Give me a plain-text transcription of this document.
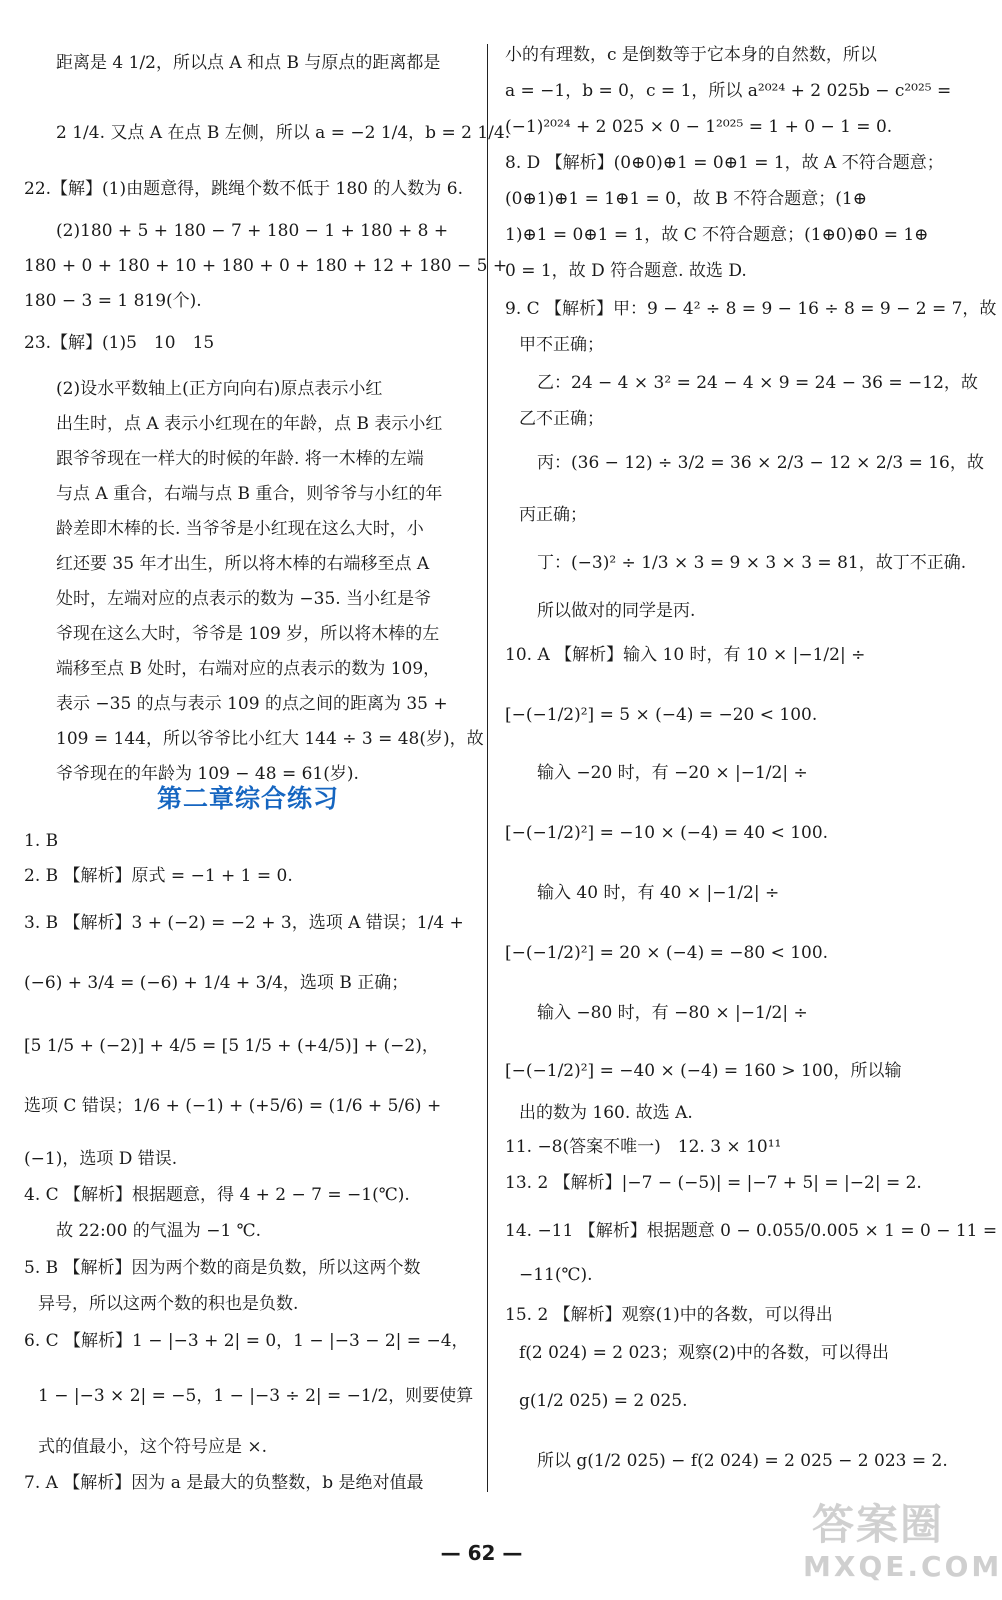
距离是 4 1/2，所以点 A 和点 B 与原点的距离都是
2 1/4. 又点 A 在点 B 左侧，所以 a = −2 1/4，b = 2 1/4.
22.【解】(1)由题意得，跳绳个数不低于 180 的人数为 6.
(2)180 + 5 + 180 − 7 + 180 − 1 + 180 + 8 +
180 + 0 + 180 + 10 + 180 + 0 + 180 + 12 + 180 − 5 +
180 − 3 = 1 819(个).
23.【解】(1)5　10　15
(2)设水平数轴上(正方向向右)原点表示小红
出生时，点 A 表示小红现在的年龄，点 B 表示小红
跟爷爷现在一样大的时候的年龄. 将一木棒的左端
与点 A 重合，右端与点 B 重合，则爷爷与小红的年
龄差即木棒的长. 当爷爷是小红现在这么大时，小
红还要 35 年才出生，所以将木棒的右端移至点 A
处时，左端对应的点表示的数为 −35. 当小红是爷
爷现在这么大时，爷爷是 109 岁，所以将木棒的左
端移至点 B 处时，右端对应的点表示的数为 109，
表示 −35 的点与表示 109 的点之间的距离为 35 +
109 = 144，所以爷爷比小红大 144 ÷ 3 = 48(岁)，故
爷爷现在的年龄为 109 − 48 = 61(岁).
第二章综合练习
1. B
2. B 【解析】原式 = −1 + 1 = 0.
3. B 【解析】3 + (−2) = −2 + 3，选项 A 错误；1/4 +
(−6) + 3/4 = (−6) + 1/4 + 3/4，选项 B 正确；
[5 1/5 + (−2)] + 4/5 = [5 1/5 + (+4/5)] + (−2)，
选项 C 错误；1/6 + (−1) + (+5/6) = (1/6 + 5/6) +
(−1)，选项 D 错误.
4. C 【解析】根据题意，得 4 + 2 − 7 = −1(℃).
故 22:00 的气温为 −1 ℃.
5. B 【解析】因为两个数的商是负数，所以这两个数
异号，所以这两个数的积也是负数.
6. C 【解析】1 − |−3 + 2| = 0，1 − |−3 − 2| = −4，
1 − |−3 × 2| = −5，1 − |−3 ÷ 2| = −1/2，则要使算
式的值最小，这个符号应是 ×.
7. A 【解析】因为 a 是最大的负整数，b 是绝对值最
小的有理数，c 是倒数等于它本身的自然数，所以
a = −1，b = 0，c = 1，所以 a²⁰²⁴ + 2 025b − c²⁰²⁵ =
(−1)²⁰²⁴ + 2 025 × 0 − 1²⁰²⁵ = 1 + 0 − 1 = 0.
8. D 【解析】(0⊕0)⊕1 = 0⊕1 = 1，故 A 不符合题意；
(0⊕1)⊕1 = 1⊕1 = 0，故 B 不符合题意；(1⊕
1)⊕1 = 0⊕1 = 1，故 C 不符合题意；(1⊕0)⊕0 = 1⊕
0 = 1，故 D 符合题意. 故选 D.
9. C 【解析】甲：9 − 4² ÷ 8 = 9 − 16 ÷ 8 = 9 − 2 = 7，故
甲不正确；
乙：24 − 4 × 3² = 24 − 4 × 9 = 24 − 36 = −12，故
乙不正确；
丙：(36 − 12) ÷ 3/2 = 36 × 2/3 − 12 × 2/3 = 16，故
丙正确；
丁：(−3)² ÷ 1/3 × 3 = 9 × 3 × 3 = 81，故丁不正确.
所以做对的同学是丙.
10. A 【解析】输入 10 时，有 10 × |−1/2| ÷
[−(−1/2)²] = 5 × (−4) = −20 < 100.
输入 −20 时，有 −20 × |−1/2| ÷
[−(−1/2)²] = −10 × (−4) = 40 < 100.
输入 40 时，有 40 × |−1/2| ÷
[−(−1/2)²] = 20 × (−4) = −80 < 100.
输入 −80 时，有 −80 × |−1/2| ÷
[−(−1/2)²] = −40 × (−4) = 160 > 100，所以输
出的数为 160. 故选 A.
11. −8(答案不唯一)　12. 3 × 10¹¹
13. 2 【解析】|−7 − (−5)| = |−7 + 5| = |−2| = 2.
14. −11 【解析】根据题意 0 − 0.055/0.005 × 1 = 0 − 11 =
−11(℃).
15. 2 【解析】观察(1)中的各数，可以得出
f(2 024) = 2 023；观察(2)中的各数，可以得出
g(1/2 025) = 2 025.
所以 g(1/2 025) − f(2 024) = 2 025 − 2 023 = 2.
— 62 —
答案圈
MXQE.COM
